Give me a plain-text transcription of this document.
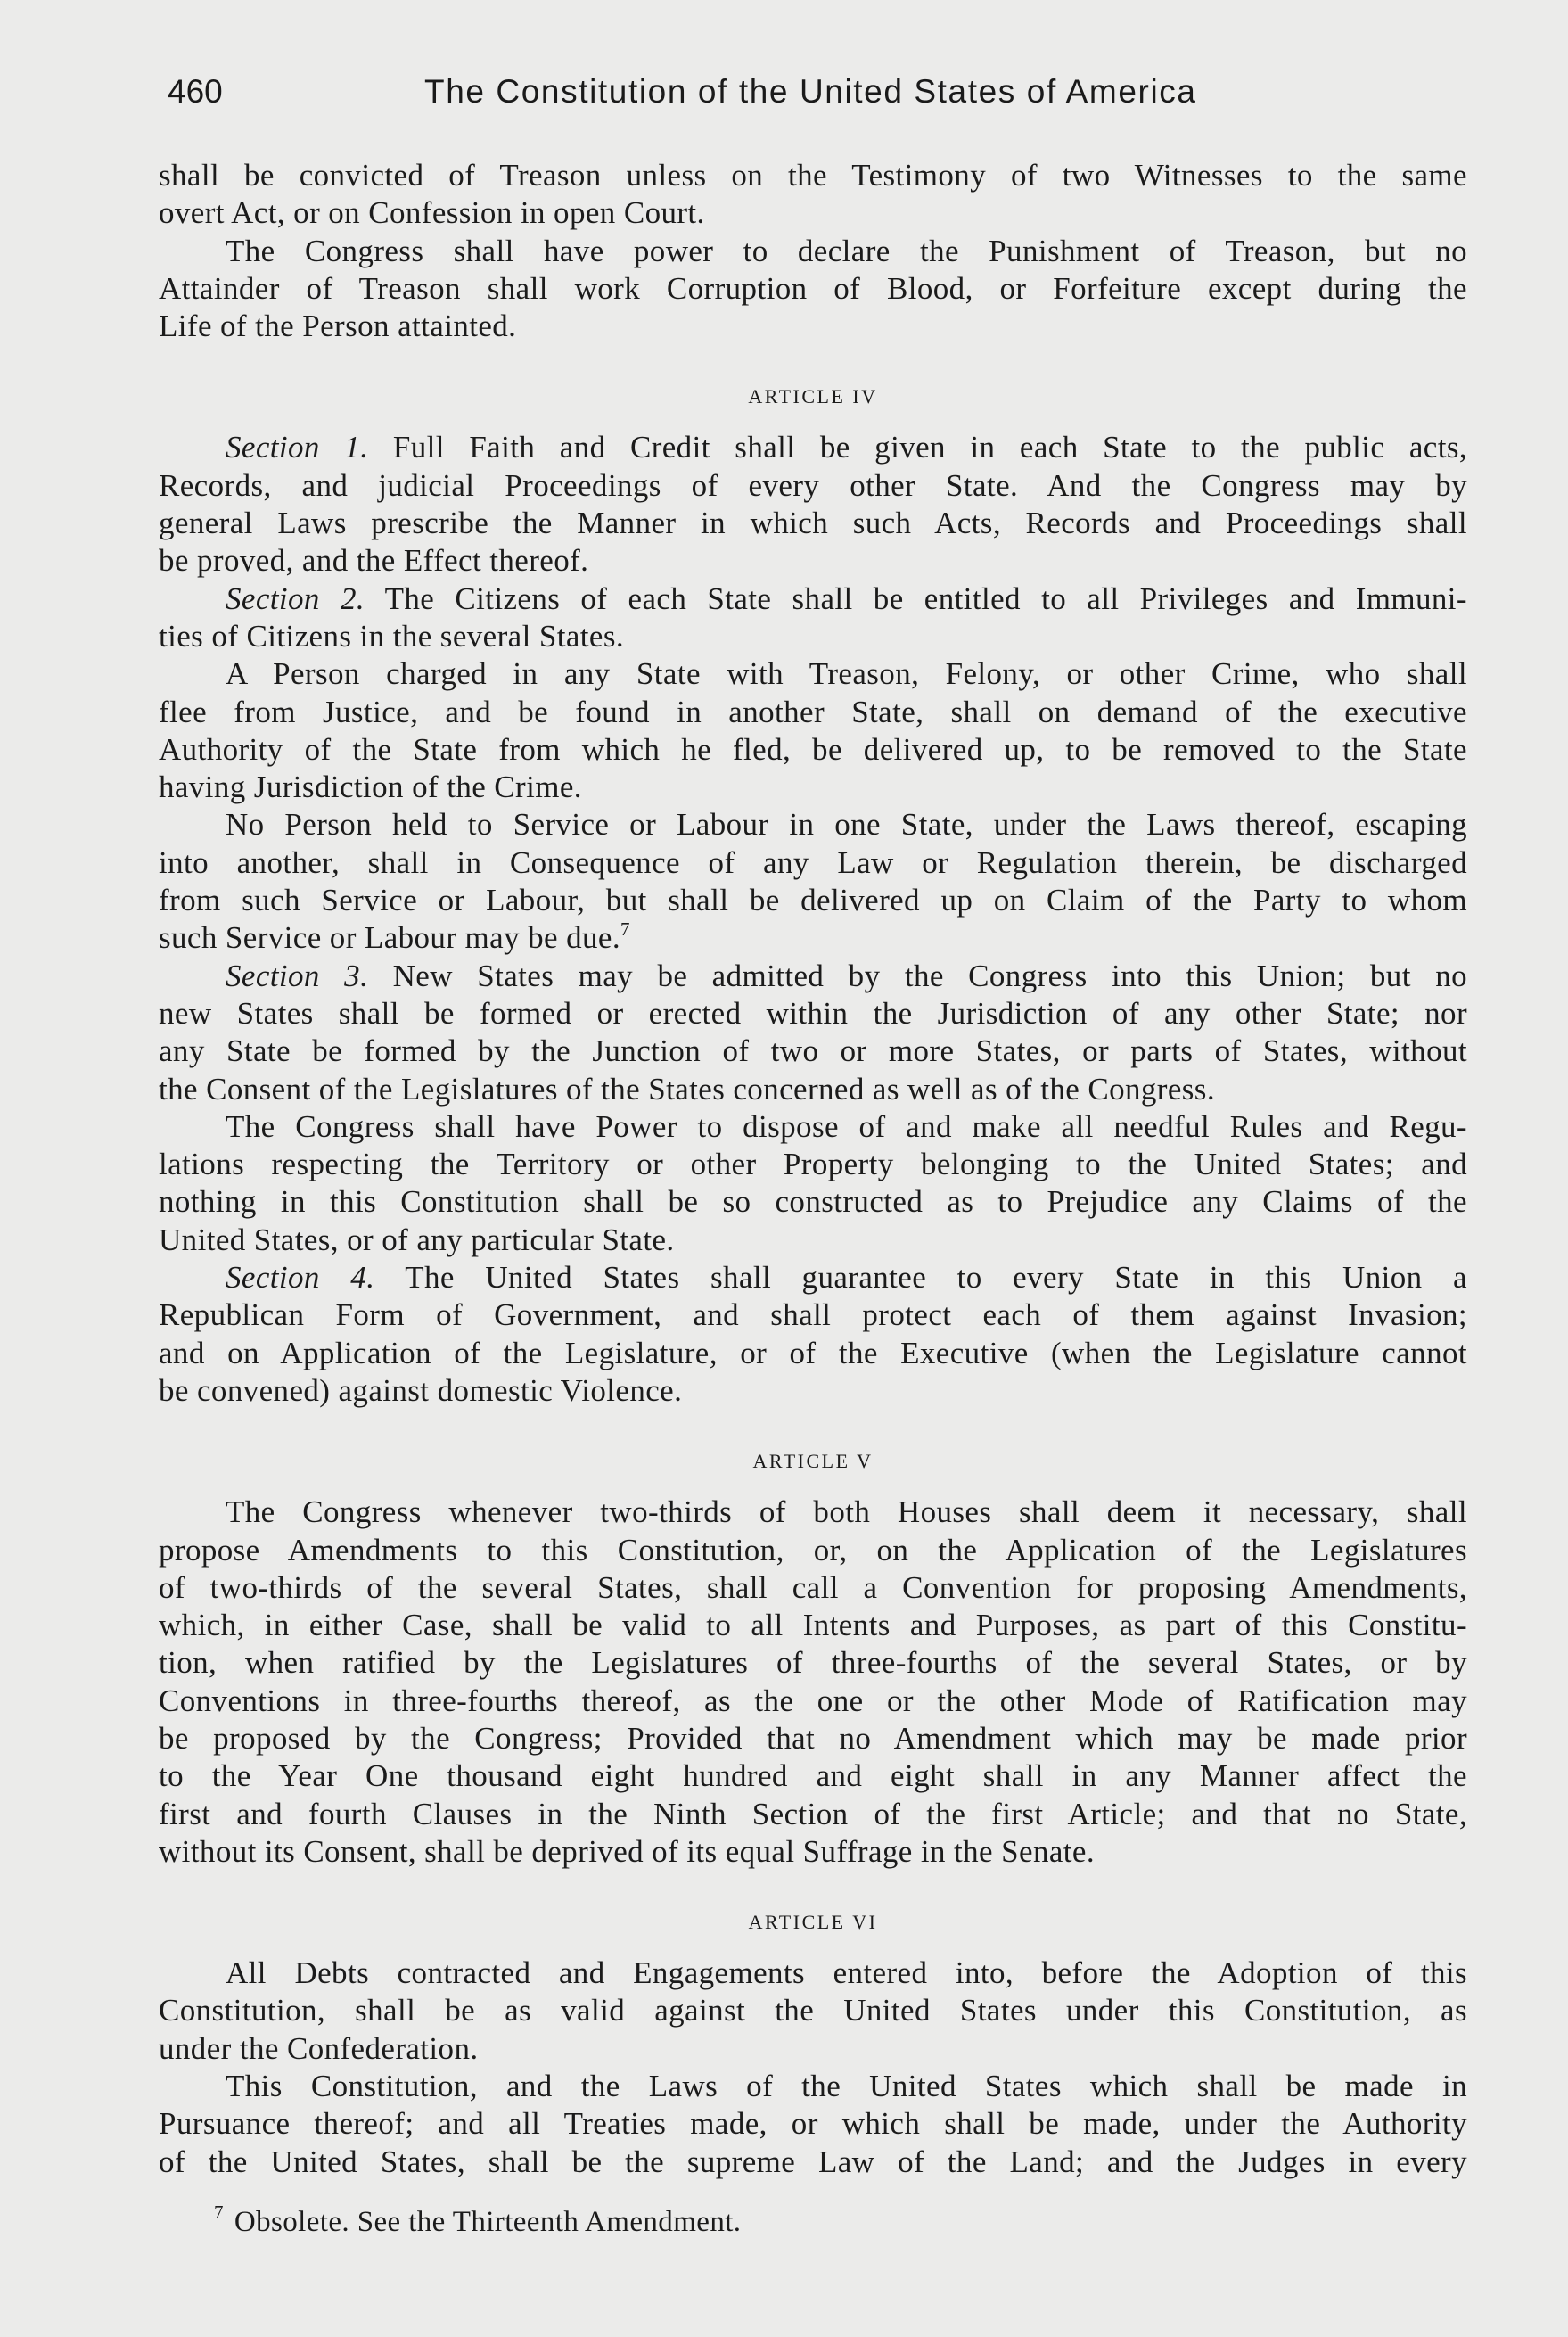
460	The Constitution of the United States of America
shall be convicted of Treason unless on the Testimony of two Witnesses to the same
overt Act, or on Confession in open Court.
The Congress shall have power to declare the Punishment of Treason, but no
Attainder of Treason shall work Corruption of Blood, or Forfeiture except during the
Life of the Person attainted.
ARTICLE IV
Section 1. Full Faith and Credit shall be given in each State to the public acts,
Records, and judicial Proceedings of every other State. And the Congress may by
general Laws prescribe the Manner in which such Acts, Records and Proceedings shall
be proved, and the Effect thereof.
Section 2. The Citizens of each State shall be entitled to all Privileges and Immuni-
ties of Citizens in the several States.
A Person charged in any State with Treason, Felony, or other Crime, who shall
flee from Justice, and be found in another State, shall on demand of the executive
Authority of the State from which he fled, be delivered up, to be removed to the State
having Jurisdiction of the Crime.
No Person held to Service or Labour in one State, under the Laws thereof, escaping
into another, shall in Consequence of any Law or Regulation therein, be discharged
from such Service or Labour, but shall be delivered up on Claim of the Party to whom
such Service or Labour may be due.$^7$
Section 3. New States may be admitted by the Congress into this Union; but no
new States shall be formed or erected within the Jurisdiction of any other State; nor
any State be formed by the Junction of two or more States, or parts of States, without
the Consent of the Legislatures of the States concerned as well as of the Congress.
The Congress shall have Power to dispose of and make all needful Rules and Regu-
lations respecting the Territory or other Property belonging to the United States; and
nothing in this Constitution shall be so constructed as to Prejudice any Claims of the
United States, or of any particular State.
Section 4. The United States shall guarantee to every State in this Union a
Republican Form of Government, and shall protect each of them against Invasion;
and on Application of the Legislature, or of the Executive (when the Legislature cannot
be convened) against domestic Violence.
ARTICLE V
The Congress whenever two-thirds of both Houses shall deem it necessary, shall
propose Amendments to this Constitution, or, on the Application of the Legislatures
of two-thirds of the several States, shall call a Convention for proposing Amendments,
which, in either Case, shall be valid to all Intents and Purposes, as part of this Constitu-
tion, when ratified by the Legislatures of three-fourths of the several States, or by
Conventions in three-fourths thereof, as the one or the other Mode of Ratification may
be proposed by the Congress; Provided that no Amendment which may be made prior
to the Year One thousand eight hundred and eight shall in any Manner affect the
first and fourth Clauses in the Ninth Section of the first Article; and that no State,
without its Consent, shall be deprived of its equal Suffrage in the Senate.
ARTICLE VI
All Debts contracted and Engagements entered into, before the Adoption of this
Constitution, shall be as valid against the United States under this Constitution, as
under the Confederation.
This Constitution, and the Laws of the United States which shall be made in
Pursuance thereof; and all Treaties made, or which shall be made, under the Authority
of the United States, shall be the supreme Law of the Land; and the Judges in every
$^7$ Obsolete. See the Thirteenth Amendment.
